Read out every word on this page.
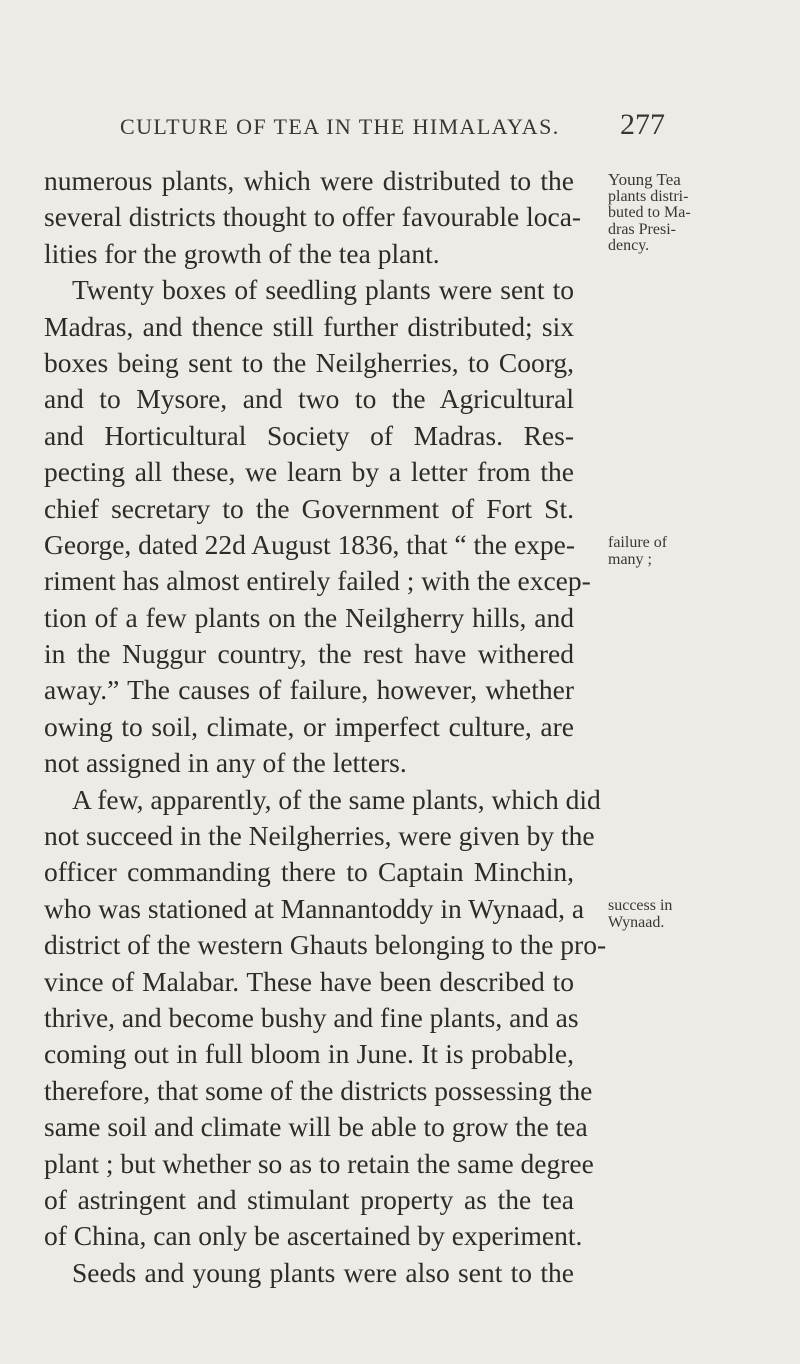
CULTURE OF TEA IN THE HIMALAYAS. 277
numerous plants, which were distributed to the
several districts thought to offer favourable loca-
lities for the growth of the tea plant.
Twenty boxes of seedling plants were sent to
Madras, and thence still further distributed; six
boxes being sent to the Neilgherries, to Coorg,
and to Mysore, and two to the Agricultural
and Horticultural Society of Madras. Res-
pecting all these, we learn by a letter from the
chief secretary to the Government of Fort St.
George, dated 22d August 1836, that “ the expe-
riment has almost entirely failed ; with the excep-
tion of a few plants on the Neilgherry hills, and
in the Nuggur country, the rest have withered
away.” The causes of failure, however, whether
owing to soil, climate, or imperfect culture, are
not assigned in any of the letters.
A few, apparently, of the same plants, which did
not succeed in the Neilgherries, were given by the
officer commanding there to Captain Minchin,
who was stationed at Mannantoddy in Wynaad, a
district of the western Ghauts belonging to the pro-
vince of Malabar. These have been described to
thrive, and become bushy and fine plants, and as
coming out in full bloom in June. It is probable,
therefore, that some of the districts possessing the
same soil and climate will be able to grow the tea
plant ; but whether so as to retain the same degree
of astringent and stimulant property as the tea
of China, can only be ascertained by experiment.
Seeds and young plants were also sent to the
Young Tea
plants distri-
buted to Ma-
dras Presi-
dency.
failure of
many ;
success in
Wynaad.
